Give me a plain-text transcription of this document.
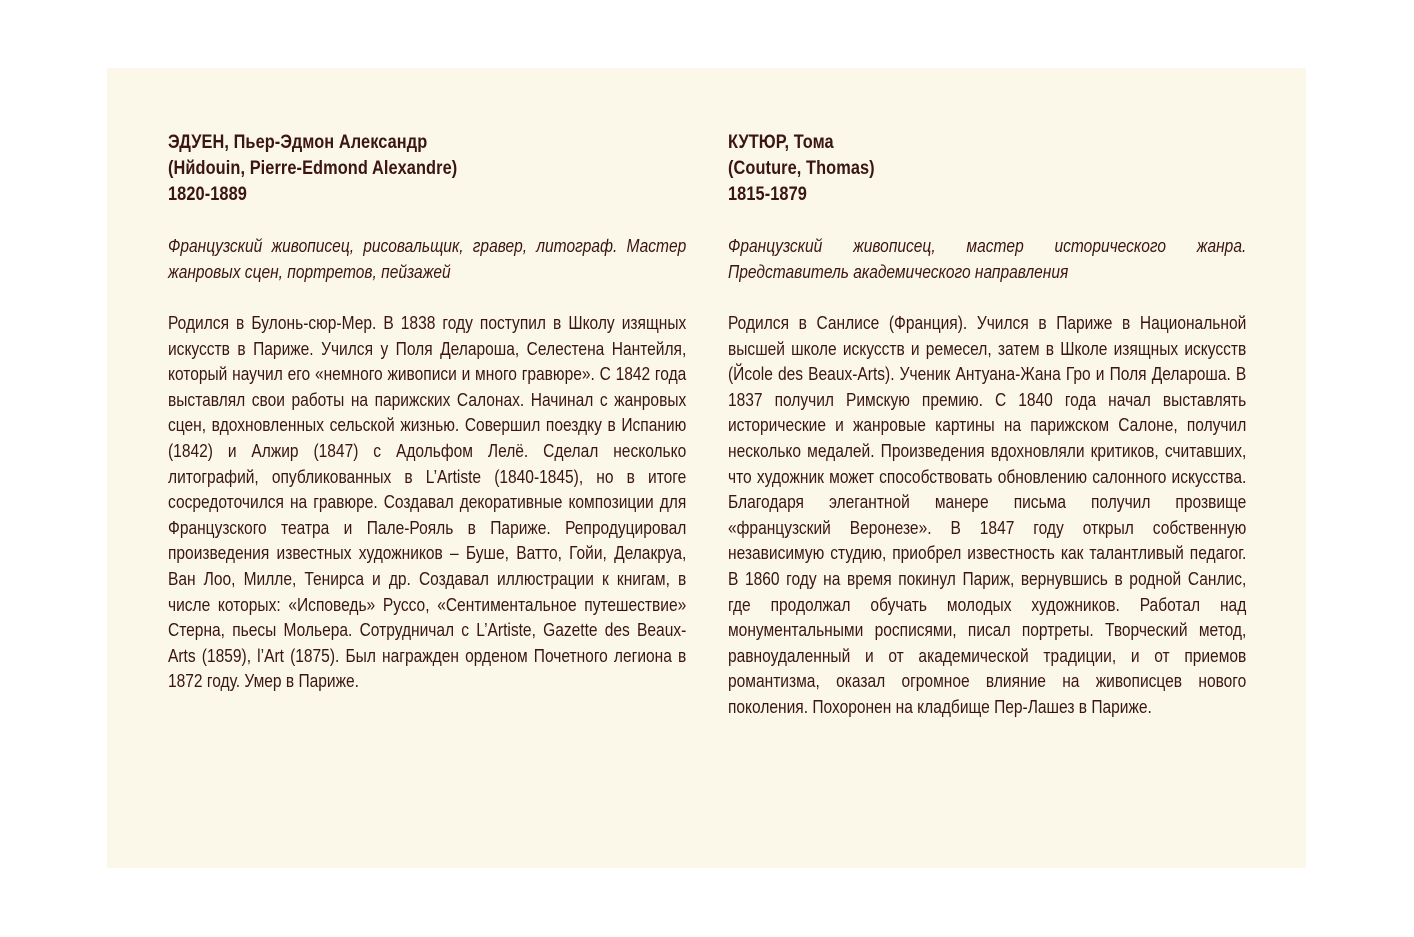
ЭДУЕН, Пьер-Эдмон Александр
(Hйdouin, Pierre-Edmond Alexandre)
1820-1889
Французский живописец, рисовальщик, гравер, литограф. Мастер жанровых сцен, портретов, пейзажей
Родился в Булонь-сюр-Мер. В 1838 году поступил в Школу изящных искусств в Париже. Учился у Поля Делароша, Селестена Нантейля, который научил его «немного живописи и много гравюре». С 1842 года выставлял свои работы на парижских Салонах. Начинал с жанровых сцен, вдохновленных сельской жизнью. Совершил поездку в Испанию (1842) и Алжир (1847) с Адольфом Лелё. Сделал несколько литографий, опубликованных в L’Artiste (1840-1845), но в итоге сосредоточился на гравюре. Создавал декоративные композиции для Французского театра и Пале-Рояль в Париже. Репродуцировал произведения известных художников – Буше, Ватто, Гойи, Делакруа, Ван Лоо, Милле, Тенирса и др. Создавал иллюстрации к книгам, в числе которых: «Исповедь» Руссо, «Сентиментальное путешествие» Стерна, пьесы Мольера. Сотрудничал с L’Artiste, Gazette des Beaux-Arts (1859), l’Art (1875). Был награжден орденом Почетного легиона в 1872 году. Умер в Париже.
КУТЮР, Тома
(Couture, Thomas)
1815-1879
Французский живописец, мастер исторического жанра. Представитель академического направления
Родился в Санлисе (Франция). Учился в Париже в Национальной высшей школе искусств и ремесел, затем в Школе изящных искусств (Йcole des Beaux-Arts). Ученик Антуана-Жана Гро и Поля Делароша. В 1837 получил Римскую премию. С 1840 года начал выставлять исторические и жанровые картины на парижском Салоне, получил несколько медалей. Произведения вдохновляли критиков, считавших, что художник может способствовать обновлению салонного искусства. Благодаря элегантной манере письма получил прозвище «французский Веронезе». В 1847 году открыл собственную независимую студию, приобрел известность как талантливый педагог. В 1860 году на время покинул Париж, вернувшись в родной Санлис, где продолжал обучать молодых художников. Работал над монументальными росписями, писал портреты. Творческий метод, равноудаленный и от академической традиции, и от приемов романтизма, оказал огромное влияние на живописцев нового поколения. Похоронен на кладбище Пер-Лашез в Париже.
